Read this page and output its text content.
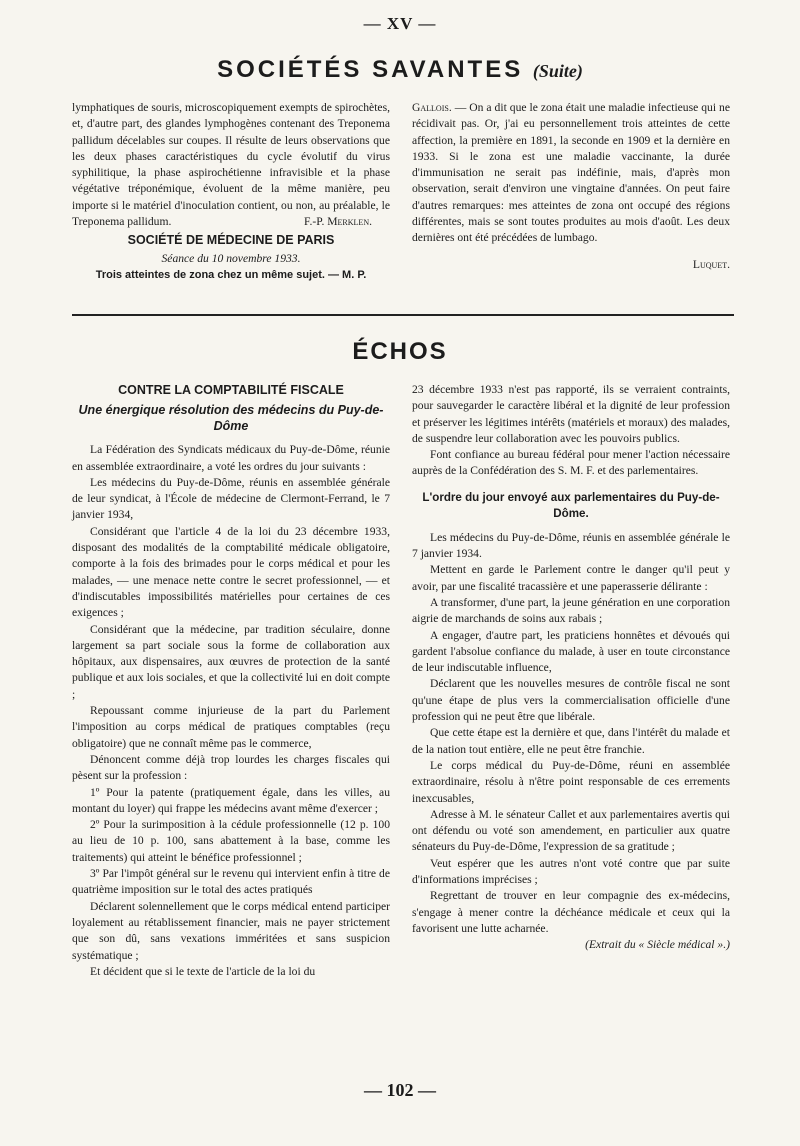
— XV —
SOCIÉTÉS SAVANTES (Suite)

lymphatiques de souris, microscopiquement exempts de spirochètes, et, d'autre part, des glandes lymphogènes contenant des Treponema pallidum décelables sur coupes. Il résulte de leurs observations que les deux phases caractéristiques du cycle évolutif du virus syphilitique, la phase aspirochétienne infravisible et la phase végétative tréponémique, évoluent de la même manière, peu importe si le matériel d'inoculation contient, ou non, au préalable, le Treponema pallidum.	F.-P. Merklen.

SOCIÉTÉ DE MÉDECINE DE PARIS
Séance du 10 novembre 1933.
Trois atteintes de zona chez un même sujet. — M. P.

Gallois. — On a dit que le zona était une maladie infectieuse qui ne récidivait pas. Or, j'ai eu personnellement trois atteintes de cette affection, la première en 1891, la seconde en 1909 et la dernière en 1933. Si le zona est une maladie vaccinante, la durée d'immunisation ne serait pas indéfinie, mais, d'après mon observation, serait d'environ une vingtaine d'années. On peut faire d'autres remarques: mes atteintes de zona ont occupé des régions différentes, mais se sont toutes produites au mois d'août. Les deux dernières ont été précédées de lumbago.

Luquet.
ÉCHOS
CONTRE LA COMPTABILITÉ FISCALE
Une énergique résolution des médecins du Puy-de-Dôme

La Fédération des Syndicats médicaux du Puy-de-Dôme, réunie en assemblée extraordinaire, a voté les ordres du jour suivants :

Les médecins du Puy-de-Dôme, réunis en assemblée générale de leur syndicat, à l'École de médecine de Clermont-Ferrand, le 7 janvier 1934,

Considérant que l'article 4 de la loi du 23 décembre 1933, disposant des modalités de la comptabilité médicale obligatoire, comporte à la fois des brimades pour le corps médical et pour les malades, — une menace nette contre le secret professionnel, — et d'indiscutables impossibilités matérielles pour certaines de ces exigences ;

Considérant que la médecine, par tradition séculaire, donne largement sa part sociale sous la forme de collaboration aux hôpitaux, aux dispensaires, aux œuvres de protection de la santé publique et aux lois sociales, et que la collectivité lui en doit compte ;

Repoussant comme injurieuse de la part du Parlement l'imposition au corps médical de pratiques comptables (reçu obligatoire) que ne connaît même pas le commerce,

Dénoncent comme déjà trop lourdes les charges fiscales qui pèsent sur la profession :

1º Pour la patente (pratiquement égale, dans les villes, au montant du loyer) qui frappe les médecins avant même d'exercer ;

2º Pour la surimposition à la cédule professionnelle (12 p. 100 au lieu de 10 p. 100, sans abattement à la base, comme les traitements) qui atteint le bénéfice professionnel ;

3º Par l'impôt général sur le revenu qui intervient enfin à titre de quatrième imposition sur le total des actes pratiqués

Déclarent solennellement que le corps médical entend participer loyalement au rétablissement financier, mais ne payer strictement que son dû, sans vexations imméritées et sans suspicion systématique ;

Et décident que si le texte de l'article de la loi du

23 décembre 1933 n'est pas rapporté, ils se verraient contraints, pour sauvegarder le caractère libéral et la dignité de leur profession et préserver les légitimes intérêts (matériels et moraux) des malades, de suspendre leur collaboration avec les pouvoirs publics.

Font confiance au bureau fédéral pour mener l'action nécessaire auprès de la Confédération des S. M. F. et des parlementaires.

L'ordre du jour envoyé aux parlementaires du Puy-de-Dôme.

Les médecins du Puy-de-Dôme, réunis en assemblée générale le 7 janvier 1934.

Mettent en garde le Parlement contre le danger qu'il peut y avoir, par une fiscalité tracassière et une paperasserie délirante :

A transformer, d'une part, la jeune génération en une corporation aigrie de marchands de soins aux rabais ;

A engager, d'autre part, les praticiens honnêtes et dévoués qui gardent l'absolue confiance du malade, à user en toute circonstance de leur indiscutable influence,

Déclarent que les nouvelles mesures de contrôle fiscal ne sont qu'une étape de plus vers la commercialisation officielle d'une profession qui ne peut être que libérale.

Que cette étape est la dernière et que, dans l'intérêt du malade et de la nation tout entière, elle ne peut être franchie.

Le corps médical du Puy-de-Dôme, réuni en assemblée extraordinaire, résolu à n'être point responsable de ces errements inexcusables,

Adresse à M. le sénateur Callet et aux parlementaires avertis qui ont défendu ou voté son amendement, en particulier aux quatre sénateurs du Puy-de-Dôme, l'expression de sa gratitude ;

Veut espérer que les autres n'ont voté contre que par suite d'informations imprécises ;

Regrettant de trouver en leur compagnie des ex-médecins, s'engage à mener contre la déchéance médicale et ceux qui la favorisent une lutte acharnée.

(Extrait du « Siècle médical ».)
— 102 —
